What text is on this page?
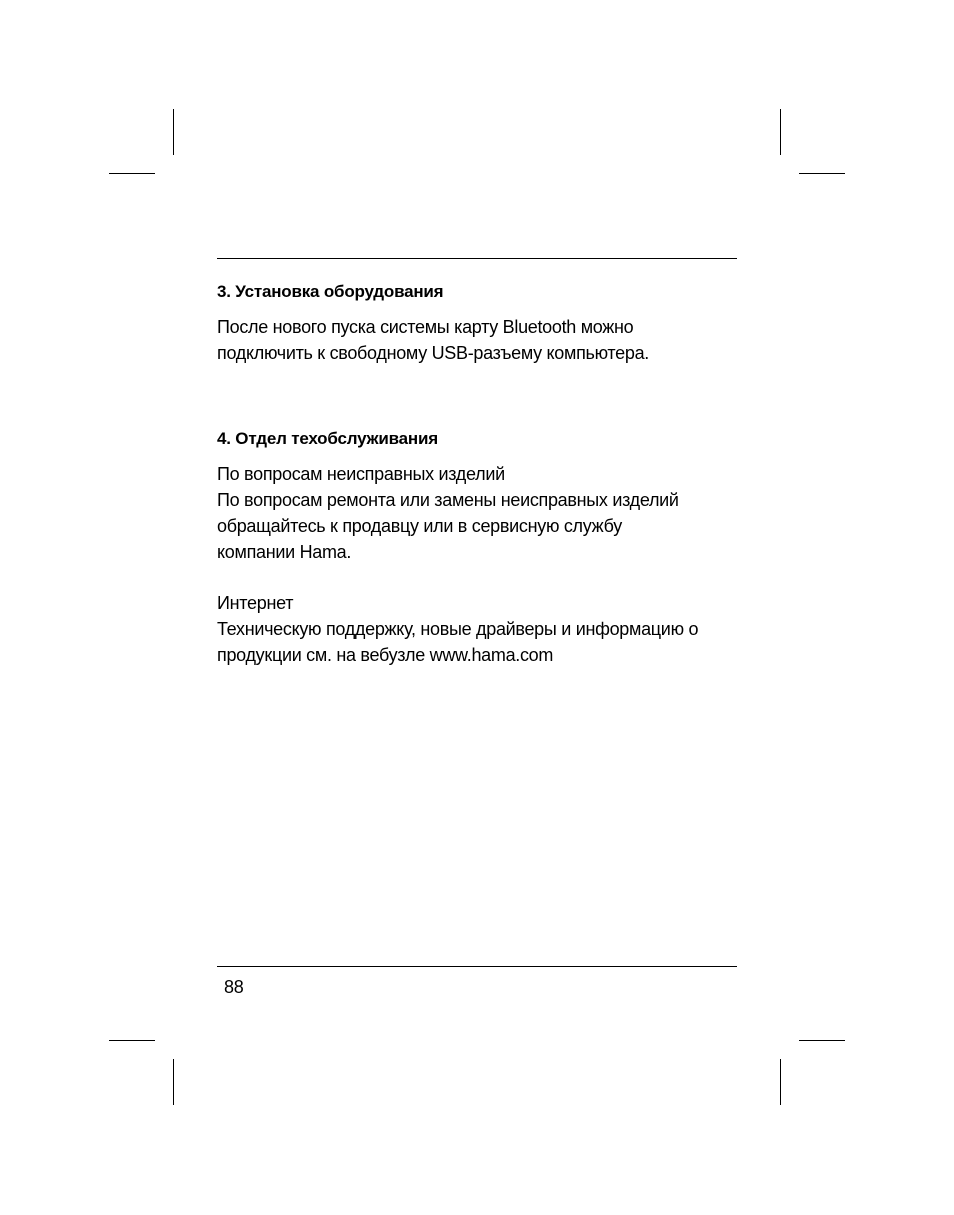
3. Установка оборудования

После нового пуска системы карту Bluetooth можно

подключить к свободному USB-разъему компьютера.

4. Отдел техобслуживания

По вопросам неисправных изделий

По вопросам ремонта или замены неисправных изделий

обращайтесь к продавцу или в сервисную службу

компании Hama.

Интернет

Техническую поддержку, новые драйверы и информацию о

продукции см. на вебузле www.hama.com

88
